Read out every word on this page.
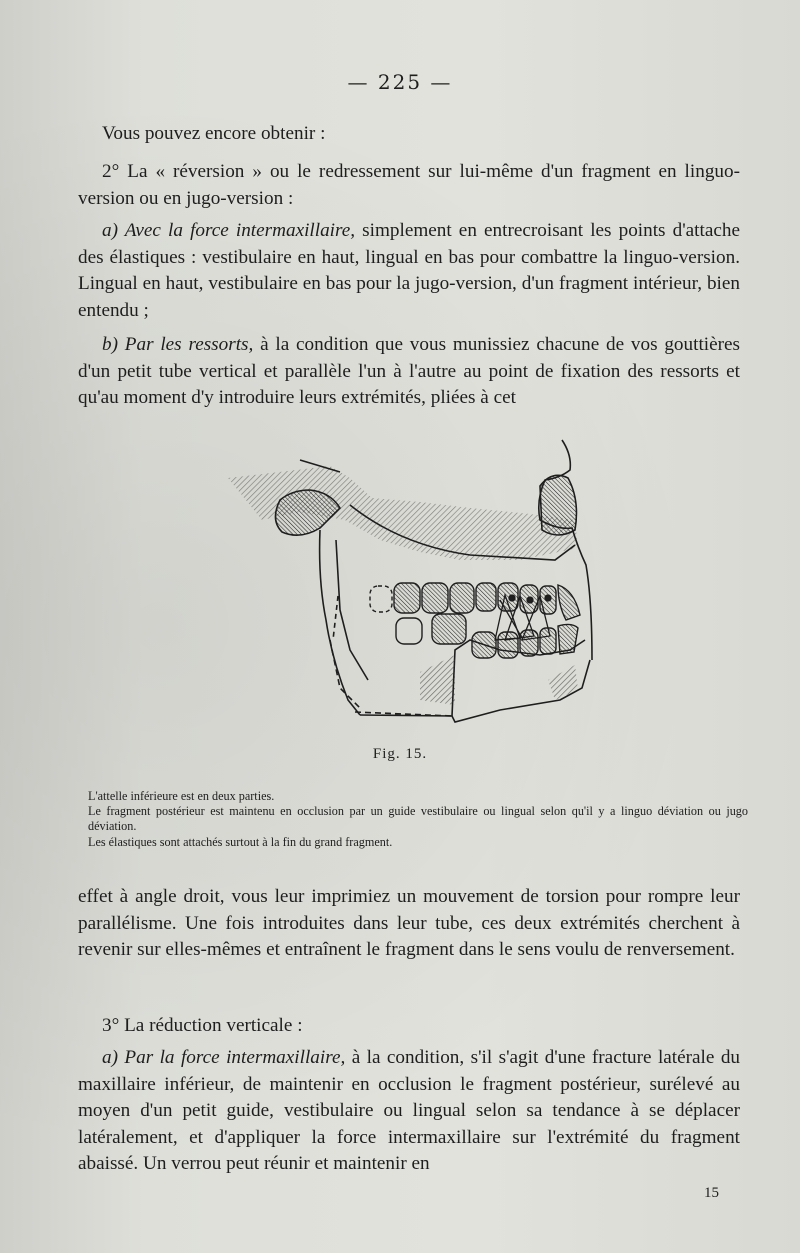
— 225 —
Vous pouvez encore obtenir :
2° La « réversion » ou le redressement sur lui-même d'un fragment en linguo-version ou en jugo-version :
a) Avec la force intermaxillaire, simplement en entrecroisant les points d'attache des élastiques : vestibulaire en haut, lingual en bas pour combattre la linguo-version. Lingual en haut, vestibulaire en bas pour la jugo-version, d'un fragment intérieur, bien entendu ;
b) Par les ressorts, à la condition que vous munissiez chacune de vos gouttières d'un petit tube vertical et parallèle l'un à l'autre au point de fixation des ressorts et qu'au moment d'y introduire leurs extrémités, pliées à cet
Fig. 15.
L'attelle inférieure est en deux parties.
Le fragment postérieur est maintenu en occlusion par un guide vestibulaire ou lingual selon qu'il y a linguo déviation ou jugo déviation.
Les élastiques sont attachés surtout à la fin du grand fragment.
effet à angle droit, vous leur imprimiez un mouvement de torsion pour rompre leur parallélisme. Une fois introduites dans leur tube, ces deux extrémités cherchent à revenir sur elles-mêmes et entraînent le fragment dans le sens voulu de renversement.
3° La réduction verticale :
a) Par la force intermaxillaire, à la condition, s'il s'agit d'une fracture latérale du maxillaire inférieur, de maintenir en occlusion le fragment postérieur, surélevé au moyen d'un petit guide, vestibulaire ou lingual selon sa tendance à se déplacer latéralement, et d'appliquer la force intermaxillaire sur l'extrémité du fragment abaissé. Un verrou peut réunir et maintenir en
15
